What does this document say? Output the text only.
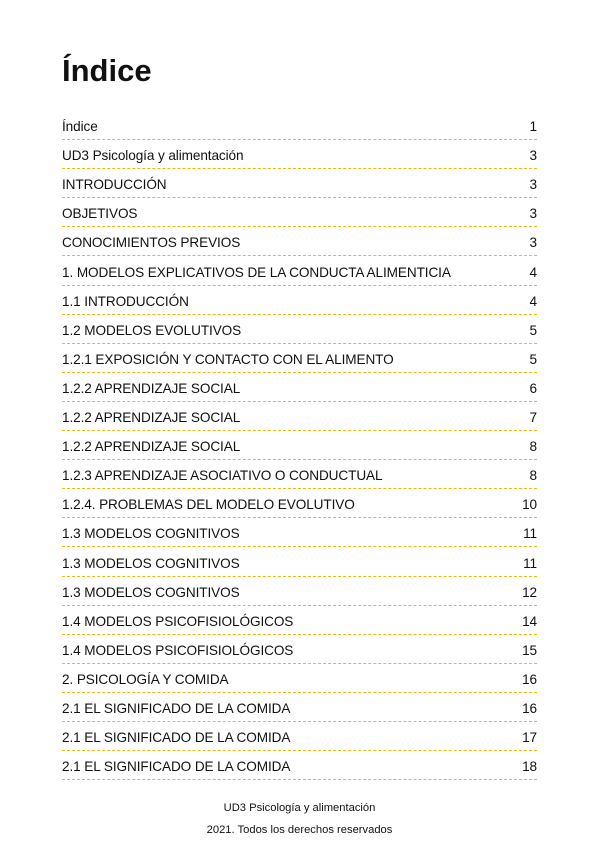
Índice
Índice	1
UD3 Psicología y alimentación	3
INTRODUCCIÓN	3
OBJETIVOS	3
CONOCIMIENTOS PREVIOS	3
1. MODELOS EXPLICATIVOS DE LA CONDUCTA ALIMENTICIA	4
1.1 INTRODUCCIÓN	4
1.2 MODELOS EVOLUTIVOS	5
1.2.1 EXPOSICIÓN Y CONTACTO CON EL ALIMENTO	5
1.2.2 APRENDIZAJE SOCIAL	6
1.2.2 APRENDIZAJE SOCIAL	7
1.2.2 APRENDIZAJE SOCIAL	8
1.2.3 APRENDIZAJE ASOCIATIVO O CONDUCTUAL	8
1.2.4. PROBLEMAS DEL MODELO EVOLUTIVO	10
1.3 MODELOS COGNITIVOS	11
1.3 MODELOS COGNITIVOS	11
1.3 MODELOS COGNITIVOS	12
1.4 MODELOS PSICOFISIOLÓGICOS	14
1.4 MODELOS PSICOFISIOLÓGICOS	15
2. PSICOLOGÍA Y COMIDA	16
2.1 EL SIGNIFICADO DE LA COMIDA	16
2.1 EL SIGNIFICADO DE LA COMIDA	17
2.1 EL SIGNIFICADO DE LA COMIDA	18
UD3 Psicología y alimentación
2021. Todos los derechos reservados
